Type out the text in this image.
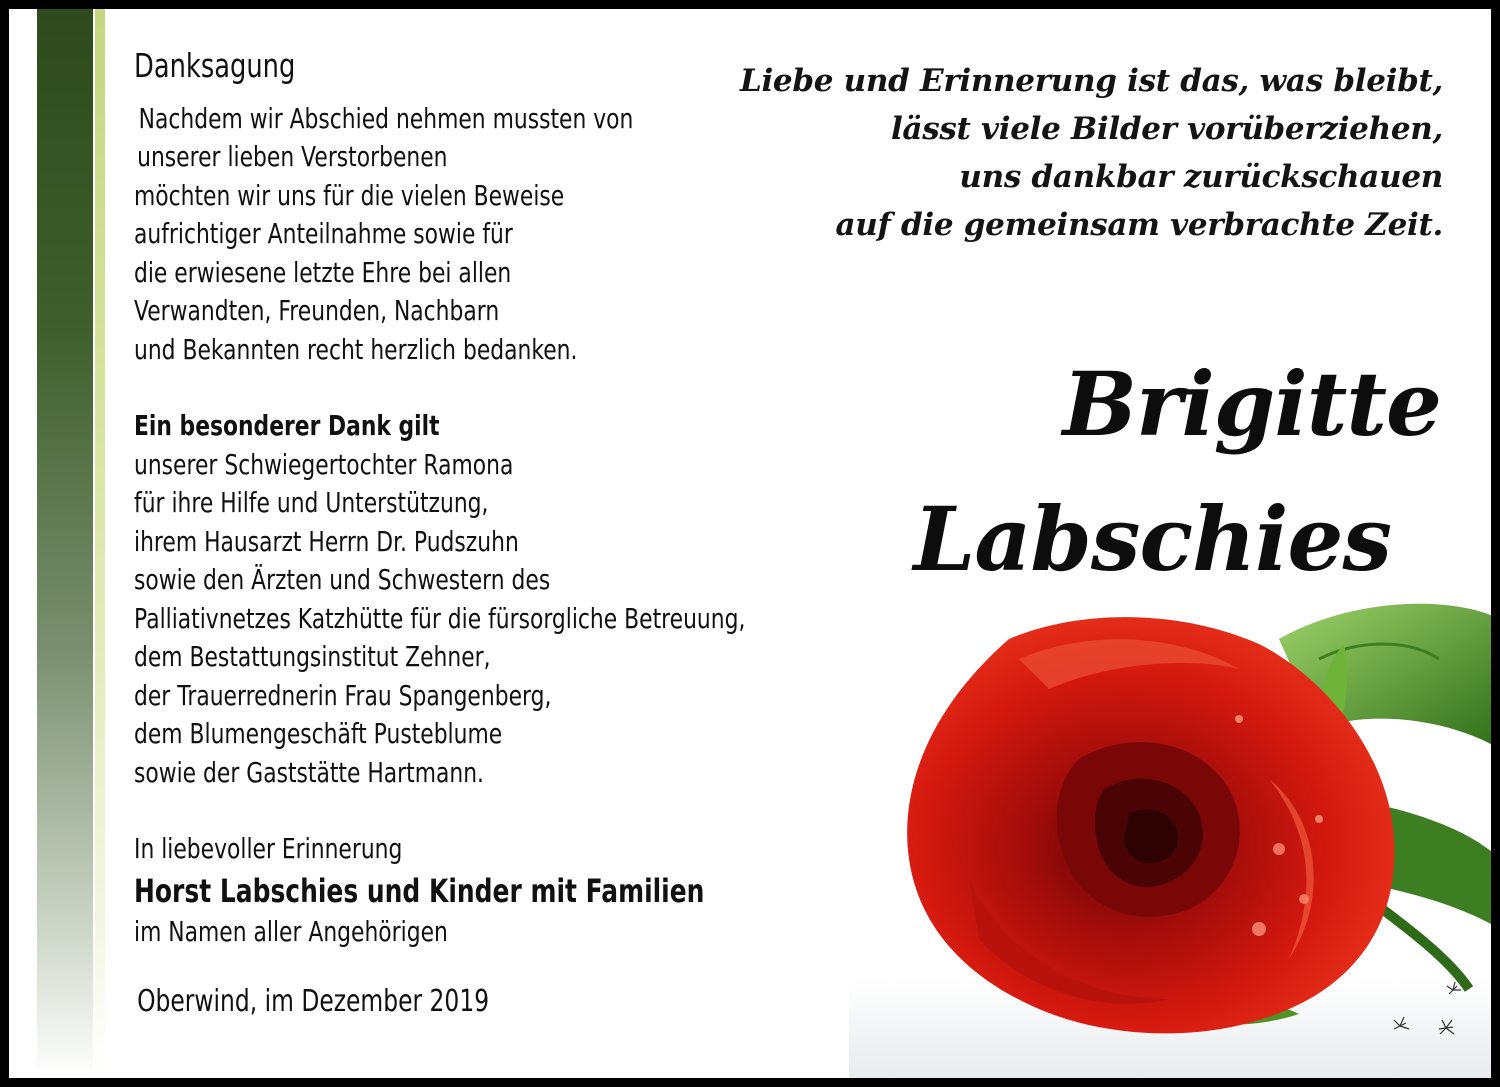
Danksagung
Nachdem wir Abschied nehmen mussten von
unserer lieben Verstorbenen
möchten wir uns für die vielen Beweise
aufrichtiger Anteilnahme sowie für
die erwiesene letzte Ehre bei allen
Verwandten, Freunden, Nachbarn
und Bekannten recht herzlich bedanken.
Ein besonderer Dank gilt
unserer Schwiegertochter Ramona
für ihre Hilfe und Unterstützung,
ihrem Hausarzt Herrn Dr. Pudszuhn
sowie den Ärzten und Schwestern des
Palliativnetzes Katzhütte für die fürsorgliche Betreuung,
dem Bestattungsinstitut Zehner,
der Trauerrednerin Frau Spangenberg,
dem Blumengeschäft Pusteblume
sowie der Gaststätte Hartmann.
In liebevoller Erinnerung
Horst Labschies und Kinder mit Familien
im Namen aller Angehörigen
Oberwind, im Dezember 2019
Liebe und Erinnerung ist das, was bleibt,
lässt viele Bilder vorüberziehen,
uns dankbar zurückschauen
auf die gemeinsam verbrachte Zeit.
Brigitte
Labschies
